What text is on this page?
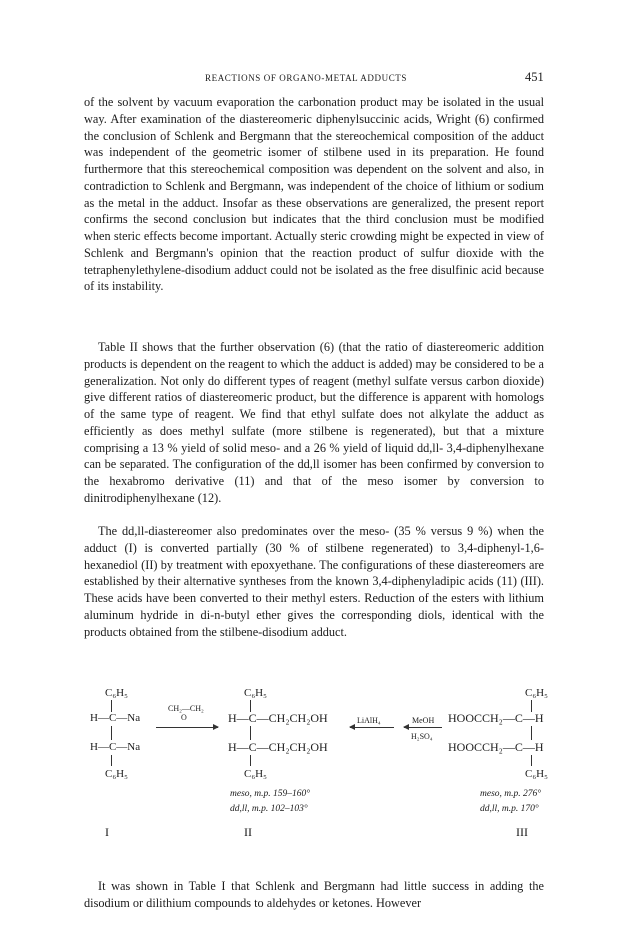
REACTIONS OF ORGANO-METAL ADDUCTS	451

of the solvent by vacuum evaporation the carbonation product may be isolated in the usual way. After examination of the diastereomeric diphenylsuccinic acids, Wright (6) confirmed the conclusion of Schlenk and Bergmann that the stereochemical composition of the adduct was independent of the geometric isomer of stilbene used in its preparation. He found furthermore that this stereochemical composition was dependent on the solvent and also, in contradiction to Schlenk and Bergmann, was independent of the choice of lithium or sodium as the metal in the adduct. Insofar as these observations are generalized, the present report confirms the second conclusion but indicates that the third conclusion must be modified when steric effects become important. Actually steric crowding might be expected in view of Schlenk and Bergmann's opinion that the reaction product of sulfur dioxide with the tetraphenylethylene-disodium adduct could not be isolated as the free disulfinic acid because of its instability.

Table II shows that the further observation (6) (that the ratio of diastereomeric addition products is dependent on the reagent to which the adduct is added) may be considered to be a generalization. Not only do different types of reagent (methyl sulfate versus carbon dioxide) give different ratios of diastereomeric product, but the difference is apparent with homologs of the same type of reagent. We find that ethyl sulfate does not alkylate the adduct as efficiently as does methyl sulfate (more stilbene is regenerated), but that a mixture comprising a 13 % yield of solid meso- and a 26 % yield of liquid dd,ll- 3,4-diphenylhexane can be separated. The configuration of the dd,ll isomer has been confirmed by conversion to the hexabromo derivative (11) and that of the meso isomer by conversion to dinitrodiphenylhexane (12).

The dd,ll-diastereomer also predominates over the meso- (35 % versus 9 %) when the adduct (I) is converted partially (30 % of stilbene regenerated) to 3,4-diphenyl-1,6-hexanediol (II) by treatment with epoxyethane. The configurations of these diastereomers are established by their alternative syntheses from the known 3,4-diphenyladipic acids (11) (III). These acids have been converted to their methyl esters. Reduction of the esters with lithium aluminum hydride in di-n-butyl ether gives the corresponding diols, identical with the products obtained from the stilbene-disodium adduct.

C₆H₅
H—C—Na
H—C—Na
C₆H₅
I
CH₂—CH₂
O
C₆H₅
H—C—CH₂CH₂OH
H—C—CH₂CH₂OH
C₆H₅
meso, m.p. 159–160°
dd,ll, m.p. 102–103°
II
LiAlH₄	MeOH
H₂SO₄
C₆H₅
HOOCCH₂—C—H
HOOCCH₂—C—H
C₆H₅
meso, m.p. 276°
dd,ll, m.p. 170°
III

It was shown in Table I that Schlenk and Bergmann had little success in adding the disodium or dilithium compounds to aldehydes or ketones. However
